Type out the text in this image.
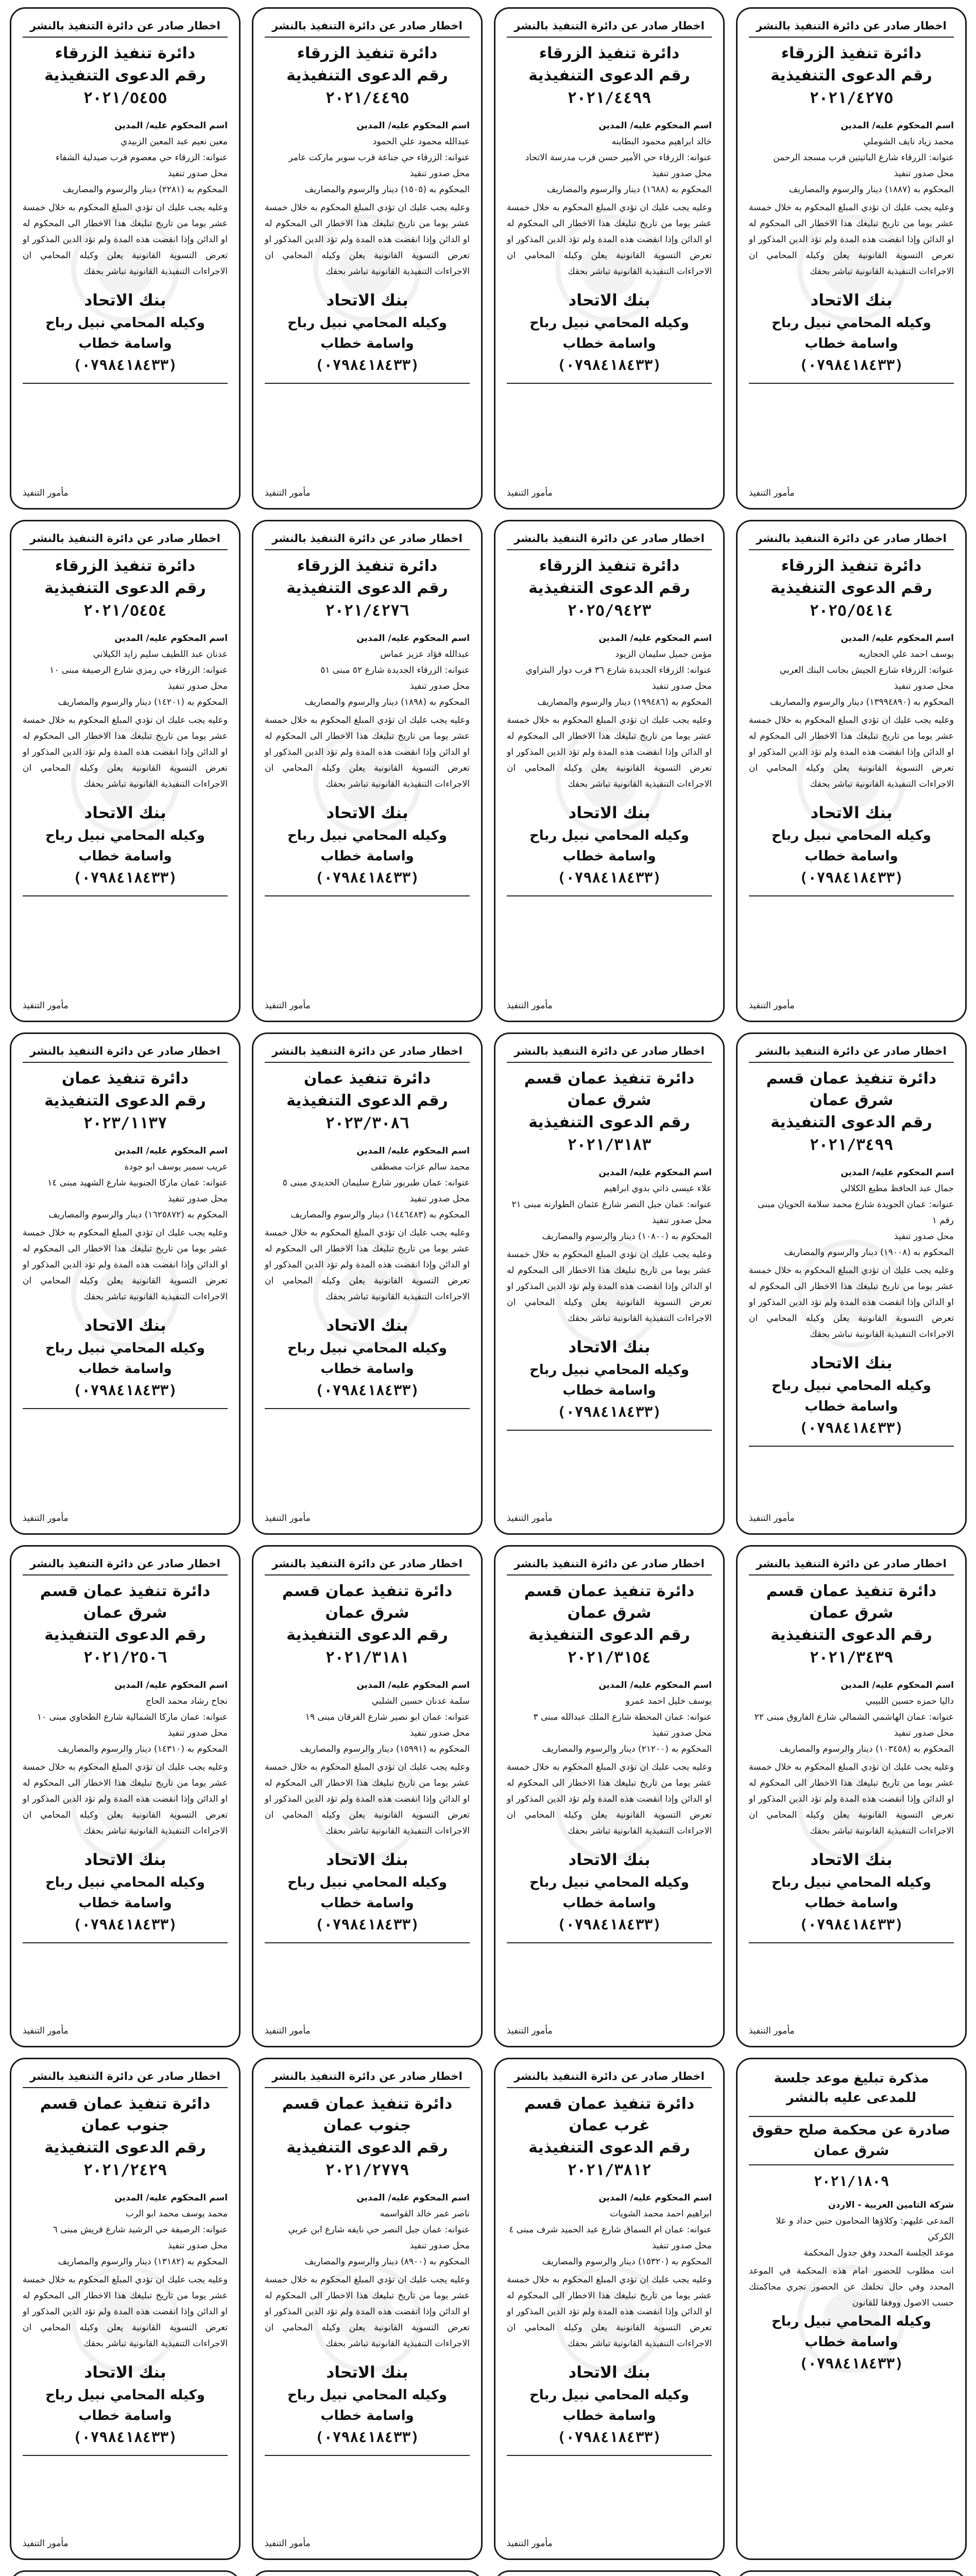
اخطار صادر عن دائرة التنفيذ بالنشر
دائرة تنفيذ الزرقاء
رقم الدعوى التنفيذية
٢٠٢١/٤٢٧٥
اسم المحكوم عليه/ المدين
محمد زياد نايف الشوملي
عنوانه: الزرقاء شارع الباتيتين قرب مسجد الرحمن
محل صدور تنفيذ
المحكوم به (١٨٨٧) دينار والرسوم والمصاريف
وعليه يجب عليك ان تؤدي المبلغ المحكوم به خلال خمسة عشر يوما من تاريخ تبليغك هذا الاخطار الى المحكوم له او الدائن وإذا انقضت هذه المدة ولم تؤد الدين المذكور او تعرض التسوية القانونية يعلن وكيله المحامي ان الاجراءات التنفيذية القانونية تباشر بحقك
بنك الاتحاد
وكيله المحامي نبيل رباح واسامة خطاب
(٠٧٩٨٤١٨٤٣٣)
مأمور التنفيذ
اخطار صادر عن دائرة التنفيذ بالنشر
دائرة تنفيذ الزرقاء
رقم الدعوى التنفيذية
٢٠٢١/٤٤٩٩
اسم المحكوم عليه/ المدين
خالد ابراهيم محمود البطاينه
عنوانه: الزرقاء حي الأمير حسن قرب مدرسة الاتحاد
محل صدور تنفيذ
المحكوم به (١٦٨٨) دينار والرسوم والمصاريف
وعليه يجب عليك ان تؤدي المبلغ المحكوم به خلال خمسة عشر يوما من تاريخ تبليغك هذا الاخطار الى المحكوم له او الدائن وإذا انقضت هذه المدة ولم تؤد الدين المذكور او تعرض التسوية القانونية يعلن وكيله المحامي ان الاجراءات التنفيذية القانونية تباشر بحقك
بنك الاتحاد
وكيله المحامي نبيل رباح واسامة خطاب
(٠٧٩٨٤١٨٤٣٣)
مأمور التنفيذ
اخطار صادر عن دائرة التنفيذ بالنشر
دائرة تنفيذ الزرقاء
رقم الدعوى التنفيذية
٢٠٢١/٤٤٩٥
اسم المحكوم عليه/ المدين
عبدالله محمود علي الحمود
عنوانه: الزرقاء حي جناعة قرب سوبر ماركت عامر
محل صدور تنفيذ
المحكوم به (١٥٠٥) دينار والرسوم والمصاريف
وعليه يجب عليك ان تؤدي المبلغ المحكوم به خلال خمسة عشر يوما من تاريخ تبليغك هذا الاخطار الى المحكوم له او الدائن وإذا انقضت هذه المدة ولم تؤد الدين المذكور او تعرض التسوية القانونية يعلن وكيله المحامي ان الاجراءات التنفيذية القانونية تباشر بحقك
بنك الاتحاد
وكيله المحامي نبيل رباح واسامة خطاب
(٠٧٩٨٤١٨٤٣٣)
مأمور التنفيذ
اخطار صادر عن دائرة التنفيذ بالنشر
دائرة تنفيذ الزرقاء
رقم الدعوى التنفيذية
٢٠٢١/٥٤٥٥
اسم المحكوم عليه/ المدين
معين نعيم عبد المعين الزبيدي
عنوانه: الزرقاء حي معصوم قرب صيدلية الشفاء
محل صدور تنفيذ
المحكوم به (٢٢٨١) دينار والرسوم والمصاريف
وعليه يجب عليك ان تؤدي المبلغ المحكوم به خلال خمسة عشر يوما من تاريخ تبليغك هذا الاخطار الى المحكوم له او الدائن وإذا انقضت هذه المدة ولم تؤد الدين المذكور او تعرض التسوية القانونية يعلن وكيله المحامي ان الاجراءات التنفيذية القانونية تباشر بحقك
بنك الاتحاد
وكيله المحامي نبيل رباح واسامة خطاب
(٠٧٩٨٤١٨٤٣٣)
مأمور التنفيذ
اخطار صادر عن دائرة التنفيذ بالنشر
دائرة تنفيذ الزرقاء
رقم الدعوى التنفيذية
٢٠٢٥/٥٤١٤
اسم المحكوم عليه/ المدين
يوسف احمد علي الحجازيه
عنوانه: الزرقاء شارع الجيش بجانب البنك العربي
محل صدور تنفيذ
المحكوم به (١٣٩٩٤٨٩٠) دينار والرسوم والمصاريف
وعليه يجب عليك ان تؤدي المبلغ المحكوم به خلال خمسة عشر يوما من تاريخ تبليغك هذا الاخطار الى المحكوم له او الدائن وإذا انقضت هذه المدة ولم تؤد الدين المذكور او تعرض التسوية القانونية يعلن وكيله المحامي ان الاجراءات التنفيذية القانونية تباشر بحقك
بنك الاتحاد
وكيله المحامي نبيل رباح واسامة خطاب
(٠٧٩٨٤١٨٤٣٣)
مأمور التنفيذ
اخطار صادر عن دائرة التنفيذ بالنشر
دائرة تنفيذ الزرقاء
رقم الدعوى التنفيذية
٢٠٢٥/٩٤٢٣
اسم المحكوم عليه/ المدين
مؤمن جميل سليمان الزيود
عنوانه: الزرقاء الجديدة شارع ٣٦ قرب دوار البتراوي
محل صدور تنفيذ
المحكوم به (١٩٩٤٨٦) دينار والرسوم والمصاريف
وعليه يجب عليك ان تؤدي المبلغ المحكوم به خلال خمسة عشر يوما من تاريخ تبليغك هذا الاخطار الى المحكوم له او الدائن وإذا انقضت هذه المدة ولم تؤد الدين المذكور او تعرض التسوية القانونية يعلن وكيله المحامي ان الاجراءات التنفيذية القانونية تباشر بحقك
بنك الاتحاد
وكيله المحامي نبيل رباح واسامة خطاب
(٠٧٩٨٤١٨٤٣٣)
مأمور التنفيذ
اخطار صادر عن دائرة التنفيذ بالنشر
دائرة تنفيذ الزرقاء
رقم الدعوى التنفيذية
٢٠٢١/٤٢٧٦
اسم المحكوم عليه/ المدين
عبدالله فؤاد عزيز عماس
عنوانه: الزرقاء الجديدة شارع ٥٢ مبنى ٥١
محل صدور تنفيذ
المحكوم به (١٨٩٨) دينار والرسوم والمصاريف
وعليه يجب عليك ان تؤدي المبلغ المحكوم به خلال خمسة عشر يوما من تاريخ تبليغك هذا الاخطار الى المحكوم له او الدائن وإذا انقضت هذه المدة ولم تؤد الدين المذكور او تعرض التسوية القانونية يعلن وكيله المحامي ان الاجراءات التنفيذية القانونية تباشر بحقك
بنك الاتحاد
وكيله المحامي نبيل رباح واسامة خطاب
(٠٧٩٨٤١٨٤٣٣)
مأمور التنفيذ
اخطار صادر عن دائرة التنفيذ بالنشر
دائرة تنفيذ الزرقاء
رقم الدعوى التنفيذية
٢٠٢١/٥٤٥٤
اسم المحكوم عليه/ المدين
عدنان عبد اللطيف سليم زايد الكيلاني
عنوانه: الزرقاء حي رمزي شارع الرصيفة مبنى ١٠
محل صدور تنفيذ
المحكوم به (١٤٢٠١) دينار والرسوم والمصاريف
وعليه يجب عليك ان تؤدي المبلغ المحكوم به خلال خمسة عشر يوما من تاريخ تبليغك هذا الاخطار الى المحكوم له او الدائن وإذا انقضت هذه المدة ولم تؤد الدين المذكور او تعرض التسوية القانونية يعلن وكيله المحامي ان الاجراءات التنفيذية القانونية تباشر بحقك
بنك الاتحاد
وكيله المحامي نبيل رباح واسامة خطاب
(٠٧٩٨٤١٨٤٣٣)
مأمور التنفيذ
اخطار صادر عن دائرة التنفيذ بالنشر
دائرة تنفيذ عمان قسم شرق عمان
رقم الدعوى التنفيذية
٢٠٢١/٣٤٩٩
اسم المحكوم عليه/ المدين
جمال عبد الحافظ مطيع الكلالي
عنوانه: عمان الجويدة شارع محمد سلامة الحويان مبنى رقم ١
محل صدور تنفيذ
المحكوم به (١٩٠٠٨) دينار والرسوم والمصاريف
وعليه يجب عليك ان تؤدي المبلغ المحكوم به خلال خمسة عشر يوما من تاريخ تبليغك هذا الاخطار الى المحكوم له او الدائن وإذا انقضت هذه المدة ولم تؤد الدين المذكور او تعرض التسوية القانونية يعلن وكيله المحامي ان الاجراءات التنفيذية القانونية تباشر بحقك
بنك الاتحاد
وكيله المحامي نبيل رباح واسامة خطاب
(٠٧٩٨٤١٨٤٣٣)
مأمور التنفيذ
اخطار صادر عن دائرة التنفيذ بالنشر
دائرة تنفيذ عمان قسم شرق عمان
رقم الدعوى التنفيذية
٢٠٢١/٣١٨٣
اسم المحكوم عليه/ المدين
علاء عيسى ذاتي بدوي ابراهيم
عنوانه: عمان جبل النصر شارع عثمان الطوارنه مبنى ٢١
محل صدور تنفيذ
المحكوم به (١٠٨٠٠) دينار والرسوم والمصاريف
وعليه يجب عليك ان تؤدي المبلغ المحكوم به خلال خمسة عشر يوما من تاريخ تبليغك هذا الاخطار الى المحكوم له او الدائن وإذا انقضت هذه المدة ولم تؤد الدين المذكور او تعرض التسوية القانونية يعلن وكيله المحامي ان الاجراءات التنفيذية القانونية تباشر بحقك
بنك الاتحاد
وكيله المحامي نبيل رباح واسامة خطاب
(٠٧٩٨٤١٨٤٣٣)
مأمور التنفيذ
اخطار صادر عن دائرة التنفيذ بالنشر
دائرة تنفيذ عمان
رقم الدعوى التنفيذية
٢٠٢٣/٣٠٨٦
اسم المحكوم عليه/ المدين
محمد سالم عزات مصطفى
عنوانه: عمان طبربور شارع سليمان الحديدي مبنى ٥
محل صدور تنفيذ
المحكوم به (١٤٤٦٤٨٣) دينار والرسوم والمصاريف
وعليه يجب عليك ان تؤدي المبلغ المحكوم به خلال خمسة عشر يوما من تاريخ تبليغك هذا الاخطار الى المحكوم له او الدائن وإذا انقضت هذه المدة ولم تؤد الدين المذكور او تعرض التسوية القانونية يعلن وكيله المحامي ان الاجراءات التنفيذية القانونية تباشر بحقك
بنك الاتحاد
وكيله المحامي نبيل رباح واسامة خطاب
(٠٧٩٨٤١٨٤٣٣)
مأمور التنفيذ
اخطار صادر عن دائرة التنفيذ بالنشر
دائرة تنفيذ عمان
رقم الدعوى التنفيذية
٢٠٢٣/١١٣٧
اسم المحكوم عليه/ المدين
عريب سمير يوسف ابو جودة
عنوانه: عمان ماركا الجنوبية شارع الشهيد مبنى ١٤
محل صدور تنفيذ
المحكوم به (١٦٢٥٨٧٢) دينار والرسوم والمصاريف
وعليه يجب عليك ان تؤدي المبلغ المحكوم به خلال خمسة عشر يوما من تاريخ تبليغك هذا الاخطار الى المحكوم له او الدائن وإذا انقضت هذه المدة ولم تؤد الدين المذكور او تعرض التسوية القانونية يعلن وكيله المحامي ان الاجراءات التنفيذية القانونية تباشر بحقك
بنك الاتحاد
وكيله المحامي نبيل رباح واسامة خطاب
(٠٧٩٨٤١٨٤٣٣)
مأمور التنفيذ
اخطار صادر عن دائرة التنفيذ بالنشر
دائرة تنفيذ عمان قسم شرق عمان
رقم الدعوى التنفيذية
٢٠٢١/٣٤٣٩
اسم المحكوم عليه/ المدين
داليا حمزه حسين اللبيبي
عنوانه: عمان الهاشمي الشمالي شارع الفاروق مبنى ٢٢
محل صدور تنفيذ
المحكوم به (١٠٣٤٥٨) دينار والرسوم والمصاريف
وعليه يجب عليك ان تؤدي المبلغ المحكوم به خلال خمسة عشر يوما من تاريخ تبليغك هذا الاخطار الى المحكوم له او الدائن وإذا انقضت هذه المدة ولم تؤد الدين المذكور او تعرض التسوية القانونية يعلن وكيله المحامي ان الاجراءات التنفيذية القانونية تباشر بحقك
بنك الاتحاد
وكيله المحامي نبيل رباح واسامة خطاب
(٠٧٩٨٤١٨٤٣٣)
مأمور التنفيذ
اخطار صادر عن دائرة التنفيذ بالنشر
دائرة تنفيذ عمان قسم شرق عمان
رقم الدعوى التنفيذية
٢٠٢١/٣١٥٤
اسم المحكوم عليه/ المدين
يوسف خليل احمد عمرو
عنوانه: عمان المحطة شارع الملك عبدالله مبنى ٣
محل صدور تنفيذ
المحكوم به (٢١٢٠٠) دينار والرسوم والمصاريف
وعليه يجب عليك ان تؤدي المبلغ المحكوم به خلال خمسة عشر يوما من تاريخ تبليغك هذا الاخطار الى المحكوم له او الدائن وإذا انقضت هذه المدة ولم تؤد الدين المذكور او تعرض التسوية القانونية يعلن وكيله المحامي ان الاجراءات التنفيذية القانونية تباشر بحقك
بنك الاتحاد
وكيله المحامي نبيل رباح واسامة خطاب
(٠٧٩٨٤١٨٤٣٣)
مأمور التنفيذ
اخطار صادر عن دائرة التنفيذ بالنشر
دائرة تنفيذ عمان قسم شرق عمان
رقم الدعوى التنفيذية
٢٠٢١/٣١٨١
اسم المحكوم عليه/ المدين
سلمة عدنان حسين الشلبي
عنوانه: عمان ابو نصير شارع الفرقان مبنى ١٩
محل صدور تنفيذ
المحكوم به (١٥٩٩١) دينار والرسوم والمصاريف
وعليه يجب عليك ان تؤدي المبلغ المحكوم به خلال خمسة عشر يوما من تاريخ تبليغك هذا الاخطار الى المحكوم له او الدائن وإذا انقضت هذه المدة ولم تؤد الدين المذكور او تعرض التسوية القانونية يعلن وكيله المحامي ان الاجراءات التنفيذية القانونية تباشر بحقك
بنك الاتحاد
وكيله المحامي نبيل رباح واسامة خطاب
(٠٧٩٨٤١٨٤٣٣)
مأمور التنفيذ
اخطار صادر عن دائرة التنفيذ بالنشر
دائرة تنفيذ عمان قسم شرق عمان
رقم الدعوى التنفيذية
٢٠٢١/٢٥٠٦
اسم المحكوم عليه/ المدين
نجاح رشاد محمد الحاج
عنوانه: عمان ماركا الشمالية شارع الطحاوي مبنى ١٠
محل صدور تنفيذ
المحكوم به (١٤٣١٠) دينار والرسوم والمصاريف
وعليه يجب عليك ان تؤدي المبلغ المحكوم به خلال خمسة عشر يوما من تاريخ تبليغك هذا الاخطار الى المحكوم له او الدائن وإذا انقضت هذه المدة ولم تؤد الدين المذكور او تعرض التسوية القانونية يعلن وكيله المحامي ان الاجراءات التنفيذية القانونية تباشر بحقك
بنك الاتحاد
وكيله المحامي نبيل رباح واسامة خطاب
(٠٧٩٨٤١٨٤٣٣)
مأمور التنفيذ
مذكرة تبليغ موعد جلسة للمدعى عليه بالنشر
صادرة عن محكمة صلح حقوق شرق عمان
٢٠٢١/١٨٠٩
شركة التامين العربية - الاردن
المدعى عليهم: وكلاؤها المحامون حنين حداد و علا الكركي
موعد الجلسة المحدد وفق جدول المحكمة
انت مطلوب للحضور امام هذه المحكمة في الموعد المحدد وفي حال تخلفك عن الحضور تجري محاكمتك حسب الاصول ووفقا للقانون
وكيله المحامي نبيل رباح واسامة خطاب
(٠٧٩٨٤١٨٤٣٣)
اخطار صادر عن دائرة التنفيذ بالنشر
دائرة تنفيذ عمان قسم غرب عمان
رقم الدعوى التنفيذية
٢٠٢١/٣٨١٢
اسم المحكوم عليه/ المدين
ابراهيم احمد محمد الشويات
عنوانه: عمان ام السماق شارع عبد الحميد شرف مبنى ٤
محل صدور تنفيذ
المحكوم به (١٥٣٢٠) دينار والرسوم والمصاريف
وعليه يجب عليك ان تؤدي المبلغ المحكوم به خلال خمسة عشر يوما من تاريخ تبليغك هذا الاخطار الى المحكوم له او الدائن وإذا انقضت هذه المدة ولم تؤد الدين المذكور او تعرض التسوية القانونية يعلن وكيله المحامي ان الاجراءات التنفيذية القانونية تباشر بحقك
بنك الاتحاد
وكيله المحامي نبيل رباح واسامة خطاب
(٠٧٩٨٤١٨٤٣٣)
مأمور التنفيذ
اخطار صادر عن دائرة التنفيذ بالنشر
دائرة تنفيذ عمان قسم جنوب عمان
رقم الدعوى التنفيذية
٢٠٢١/٢٧٧٩
اسم المحكوم عليه/ المدين
ناصر عمر خالد القواسمه
عنوانه: عمان جبل النصر حي نايفه شارع ابن عربي
محل صدور تنفيذ
المحكوم به (٨٩٠٠) دينار والرسوم والمصاريف
وعليه يجب عليك ان تؤدي المبلغ المحكوم به خلال خمسة عشر يوما من تاريخ تبليغك هذا الاخطار الى المحكوم له او الدائن وإذا انقضت هذه المدة ولم تؤد الدين المذكور او تعرض التسوية القانونية يعلن وكيله المحامي ان الاجراءات التنفيذية القانونية تباشر بحقك
بنك الاتحاد
وكيله المحامي نبيل رباح واسامة خطاب
(٠٧٩٨٤١٨٤٣٣)
مأمور التنفيذ
اخطار صادر عن دائرة التنفيذ بالنشر
دائرة تنفيذ عمان قسم جنوب عمان
رقم الدعوى التنفيذية
٢٠٢١/٢٤٢٩
اسم المحكوم عليه/ المدين
محمد يوسف محمد ابو الرب
عنوانه: الرصيفة حي الرشيد شارع قريش مبنى ٦
محل صدور تنفيذ
المحكوم به (١٣١٨٢) دينار والرسوم والمصاريف
وعليه يجب عليك ان تؤدي المبلغ المحكوم به خلال خمسة عشر يوما من تاريخ تبليغك هذا الاخطار الى المحكوم له او الدائن وإذا انقضت هذه المدة ولم تؤد الدين المذكور او تعرض التسوية القانونية يعلن وكيله المحامي ان الاجراءات التنفيذية القانونية تباشر بحقك
بنك الاتحاد
وكيله المحامي نبيل رباح واسامة خطاب
(٠٧٩٨٤١٨٤٣٣)
مأمور التنفيذ
